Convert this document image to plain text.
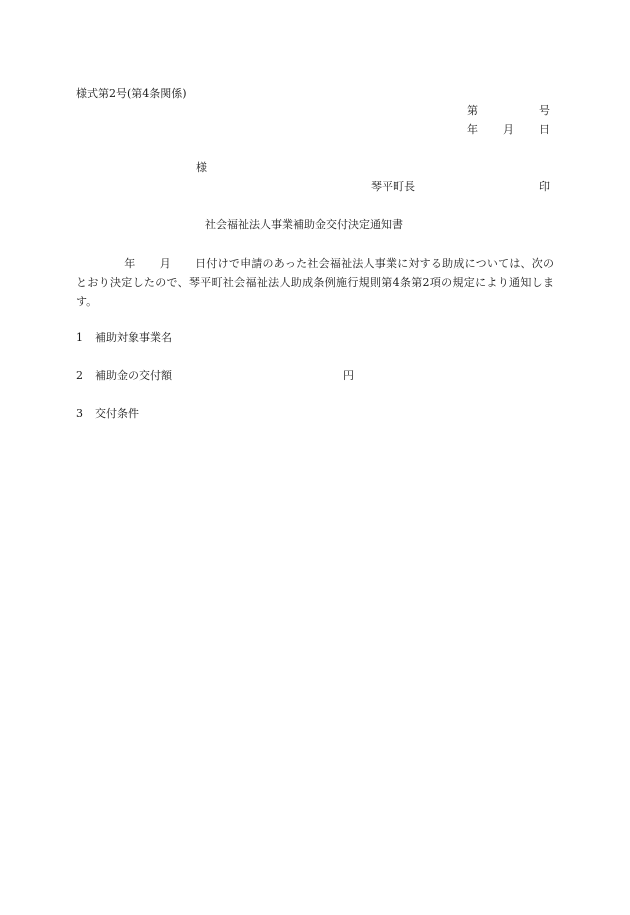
様式第2号(第4条関係)
第	号
年 月 日
様
琴平町長	印
社会福祉法人事業補助金交付決定通知書
年 月 日付けで申請のあった社会福祉法人事業に対する助成については、次のとおり決定したので、琴平町社会福祉法人助成条例施行規則第4条第2項の規定により通知します。
1 補助対象事業名
2 補助金の交付額	円
3 交付条件
